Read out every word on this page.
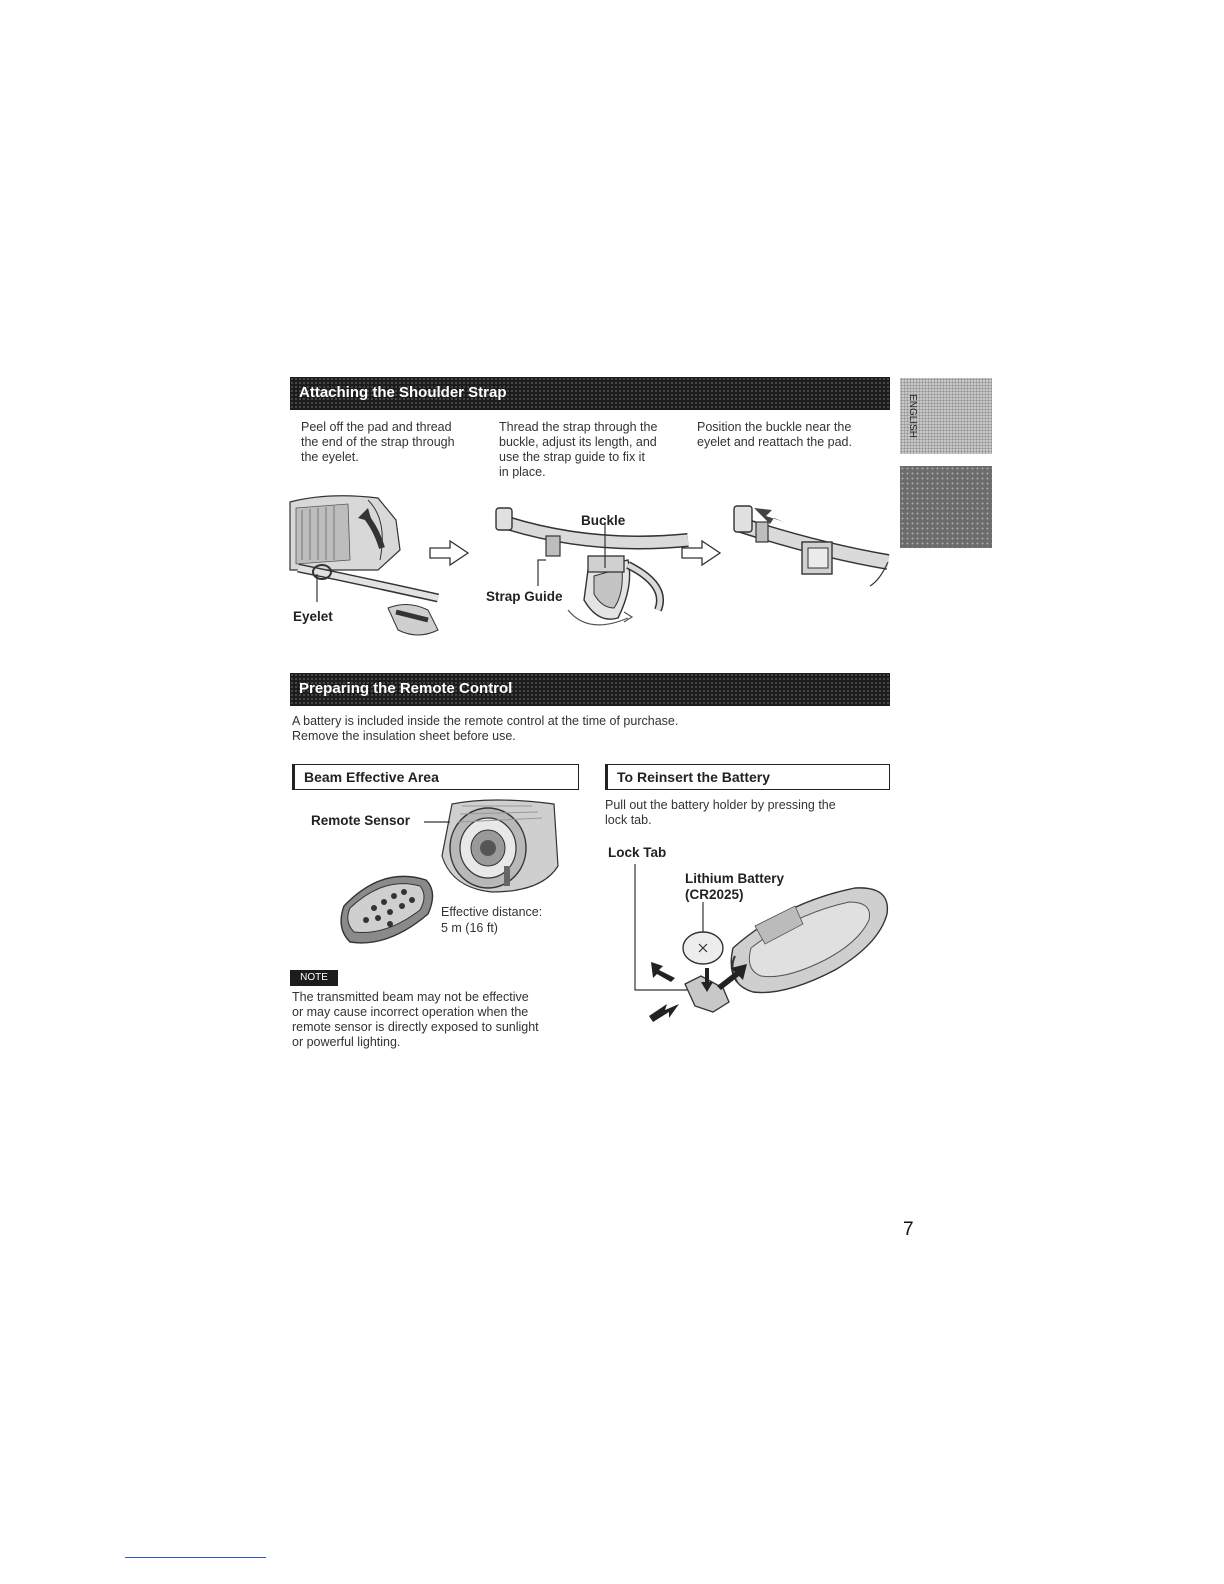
ENGLISH
Attaching the Shoulder Strap
Peel off the pad and thread
the end of the strap through
the eyelet.
Thread the strap through the
buckle, adjust its length, and
use the strap guide to fix it
in place.
Position the buckle near the
eyelet and reattach the pad.
Eyelet
Buckle
Strap Guide
Preparing the Remote Control
A battery is included inside the remote control at the time of purchase.
Remove the insulation sheet before use.
Beam Effective Area
Remote Sensor
Effective distance:
5 m (16 ft)
NOTE
The transmitted beam may not be effective
or may cause incorrect operation when the
remote sensor is directly exposed to sunlight
or powerful lighting.
To Reinsert the Battery
Pull out the battery holder by pressing the
lock tab.
Lock Tab
Lithium Battery
(CR2025)
7
